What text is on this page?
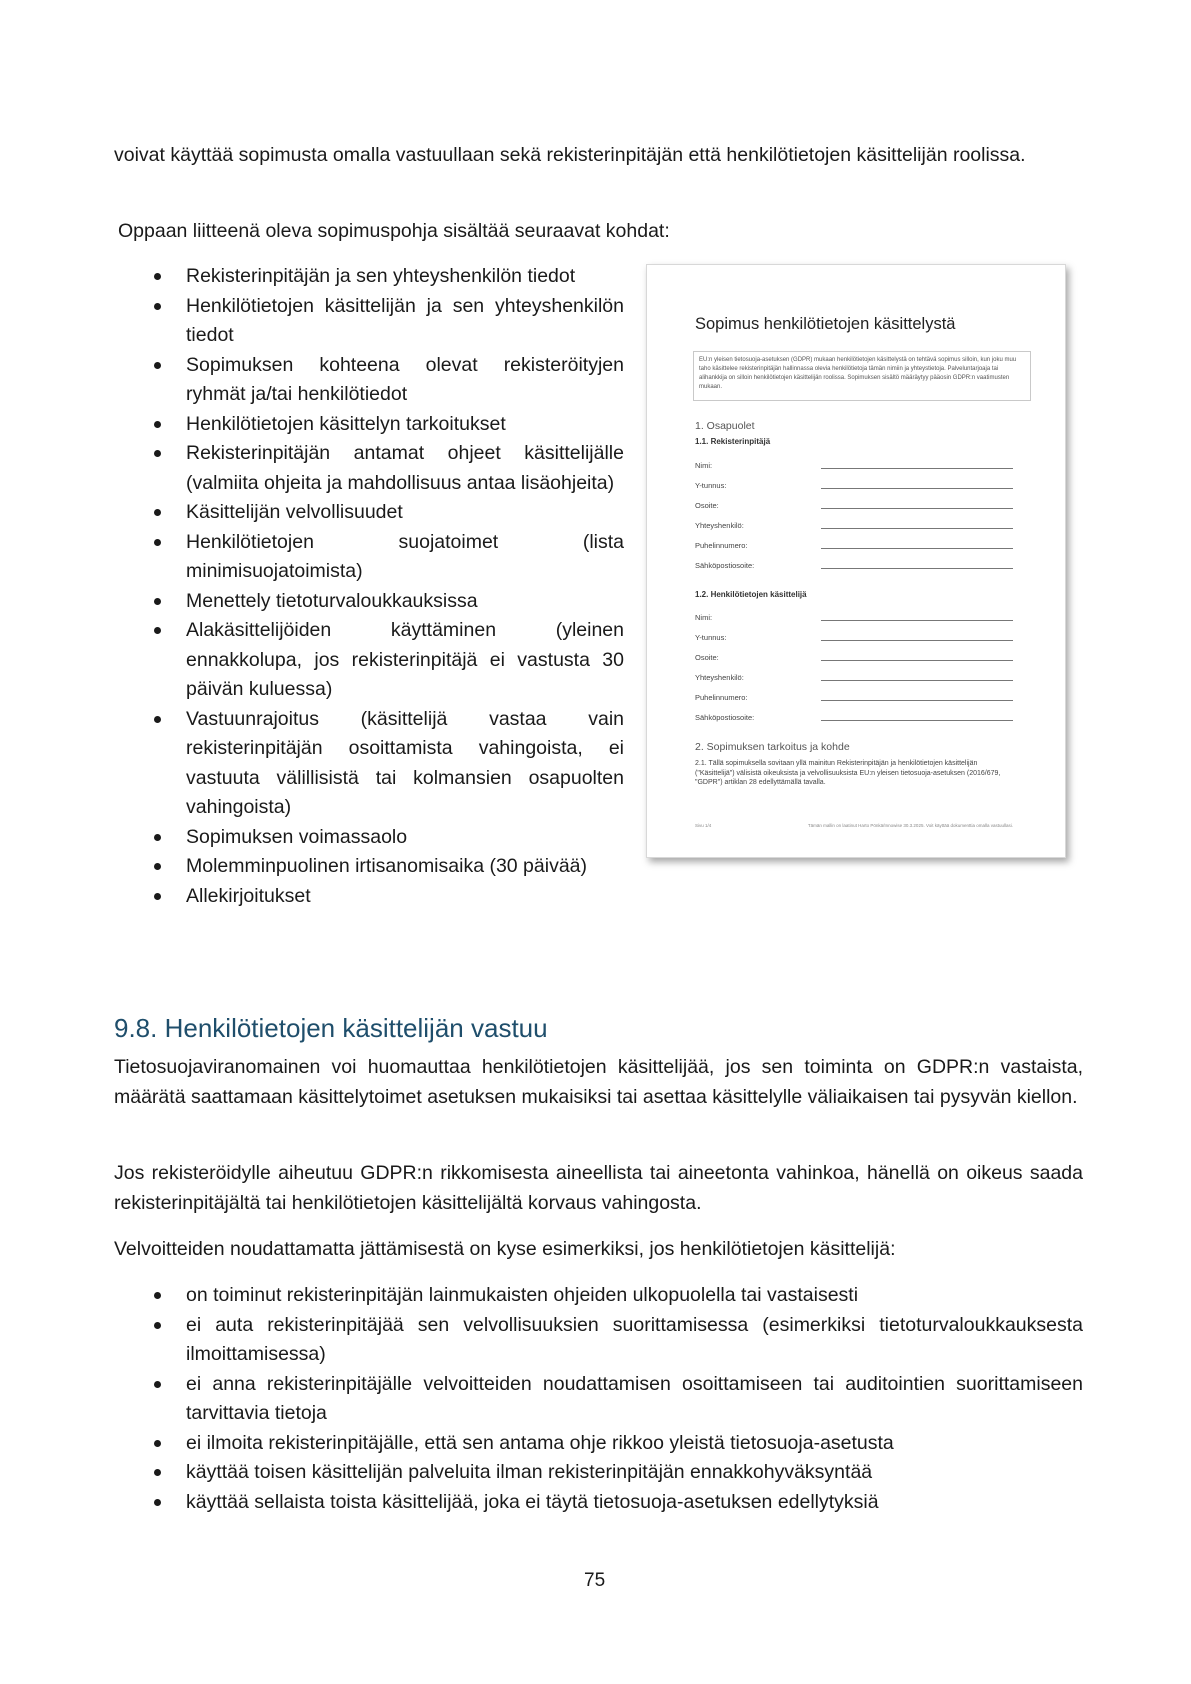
voivat käyttää sopimusta omalla vastuullaan sekä rekisterinpitäjän että henkilötietojen käsittelijän roolissa.

Oppaan liitteenä oleva sopimuspohja sisältää seuraavat kohdat:

Rekisterinpitäjän ja sen yhteyshenkilön tiedot
Henkilötietojen käsittelijän ja sen yhteyshenkilön tiedot
Sopimuksen kohteena olevat rekisteröityjen ryhmät ja/tai henkilötiedot
Henkilötietojen käsittelyn tarkoitukset
Rekisterinpitäjän antamat ohjeet käsittelijälle (valmiita ohjeita ja mahdollisuus antaa lisäohjeita)
Käsittelijän velvollisuudet
Henkilötietojen suojatoimet (lista minimisuojatoimista)
Menettely tietoturvaloukkauksissa
Alakäsittelijöiden käyttäminen (yleinen ennakkolupa, jos rekisterinpitäjä ei vastusta 30 päivän kuluessa)
Vastuunrajoitus (käsittelijä vastaa vain rekisterinpitäjän osoittamista vahingoista, ei vastuuta välillisistä tai kolmansien osapuolten vahingoista)
Sopimuksen voimassaolo
Molemminpuolinen irtisanomisaika (30 päivää)
Allekirjoitukset
Sopimus henkilötietojen käsittelystä
EU:n yleisen tietosuoja-asetuksen (GDPR) mukaan henkilötietojen käsittelystä on tehtävä sopimus silloin, kun joku muu taho käsittelee rekisterinpitäjän hallinnassa olevia henkilötietoja tämän nimiin ja yhteystietoja. Palveluntarjoaja tai alihankkija on silloin henkilötietojen käsittelijän roolissa. Sopimuksen sisältö määräytyy pääosin GDPR:n vaatimusten mukaan.
1. Osapuolet
1.1. Rekisterinpitäjä
Nimi:
Y-tunnus:
Osoite:
Yhteyshenkilö:
Puhelinnumero:
Sähköpostiosoite:
1.2. Henkilötietojen käsittelijä
Nimi:
Y-tunnus:
Osoite:
Yhteyshenkilö:
Puhelinnumero:
Sähköpostiosoite:
2. Sopimuksen tarkoitus ja kohde
2.1. Tällä sopimuksella sovitaan yllä mainitun Rekisterinpitäjän ja henkilötietojen käsittelijän ("Käsittelijä") välisistä oikeuksista ja velvollisuuksista EU:n yleisen tietosuoja-asetuksen (2016/679, "GDPR") artiklan 28 edellyttämällä tavalla.
Sivu 1/4	Tämän mallin on laatinut Harto Pönkä/Innowise 30.3.2025. Voit käyttää dokumenttia omalla vastuullasi.
9.8. Henkilötietojen käsittelijän vastuu

Tietosuojaviranomainen voi huomauttaa henkilötietojen käsittelijää, jos sen toiminta on GDPR:n vastaista, määrätä saattamaan käsittelytoimet asetuksen mukaisiksi tai asettaa käsittelylle väliaikaisen tai pysyvän kiellon.

Jos rekisteröidylle aiheutuu GDPR:n rikkomisesta aineellista tai aineetonta vahinkoa, hänellä on oikeus saada rekisterinpitäjältä tai henkilötietojen käsittelijältä korvaus vahingosta.

Velvoitteiden noudattamatta jättämisestä on kyse esimerkiksi, jos henkilötietojen käsittelijä:

on toiminut rekisterinpitäjän lainmukaisten ohjeiden ulkopuolella tai vastaisesti
ei auta rekisterinpitäjää sen velvollisuuksien suorittamisessa (esimerkiksi tietoturvaloukkauksesta ilmoittamisessa)
ei anna rekisterinpitäjälle velvoitteiden noudattamisen osoittamiseen tai auditointien suorittamiseen tarvittavia tietoja
ei ilmoita rekisterinpitäjälle, että sen antama ohje rikkoo yleistä tietosuoja-asetusta
käyttää toisen käsittelijän palveluita ilman rekisterinpitäjän ennakkohyväksyntää
käyttää sellaista toista käsittelijää, joka ei täytä tietosuoja-asetuksen edellytyksiä
75
